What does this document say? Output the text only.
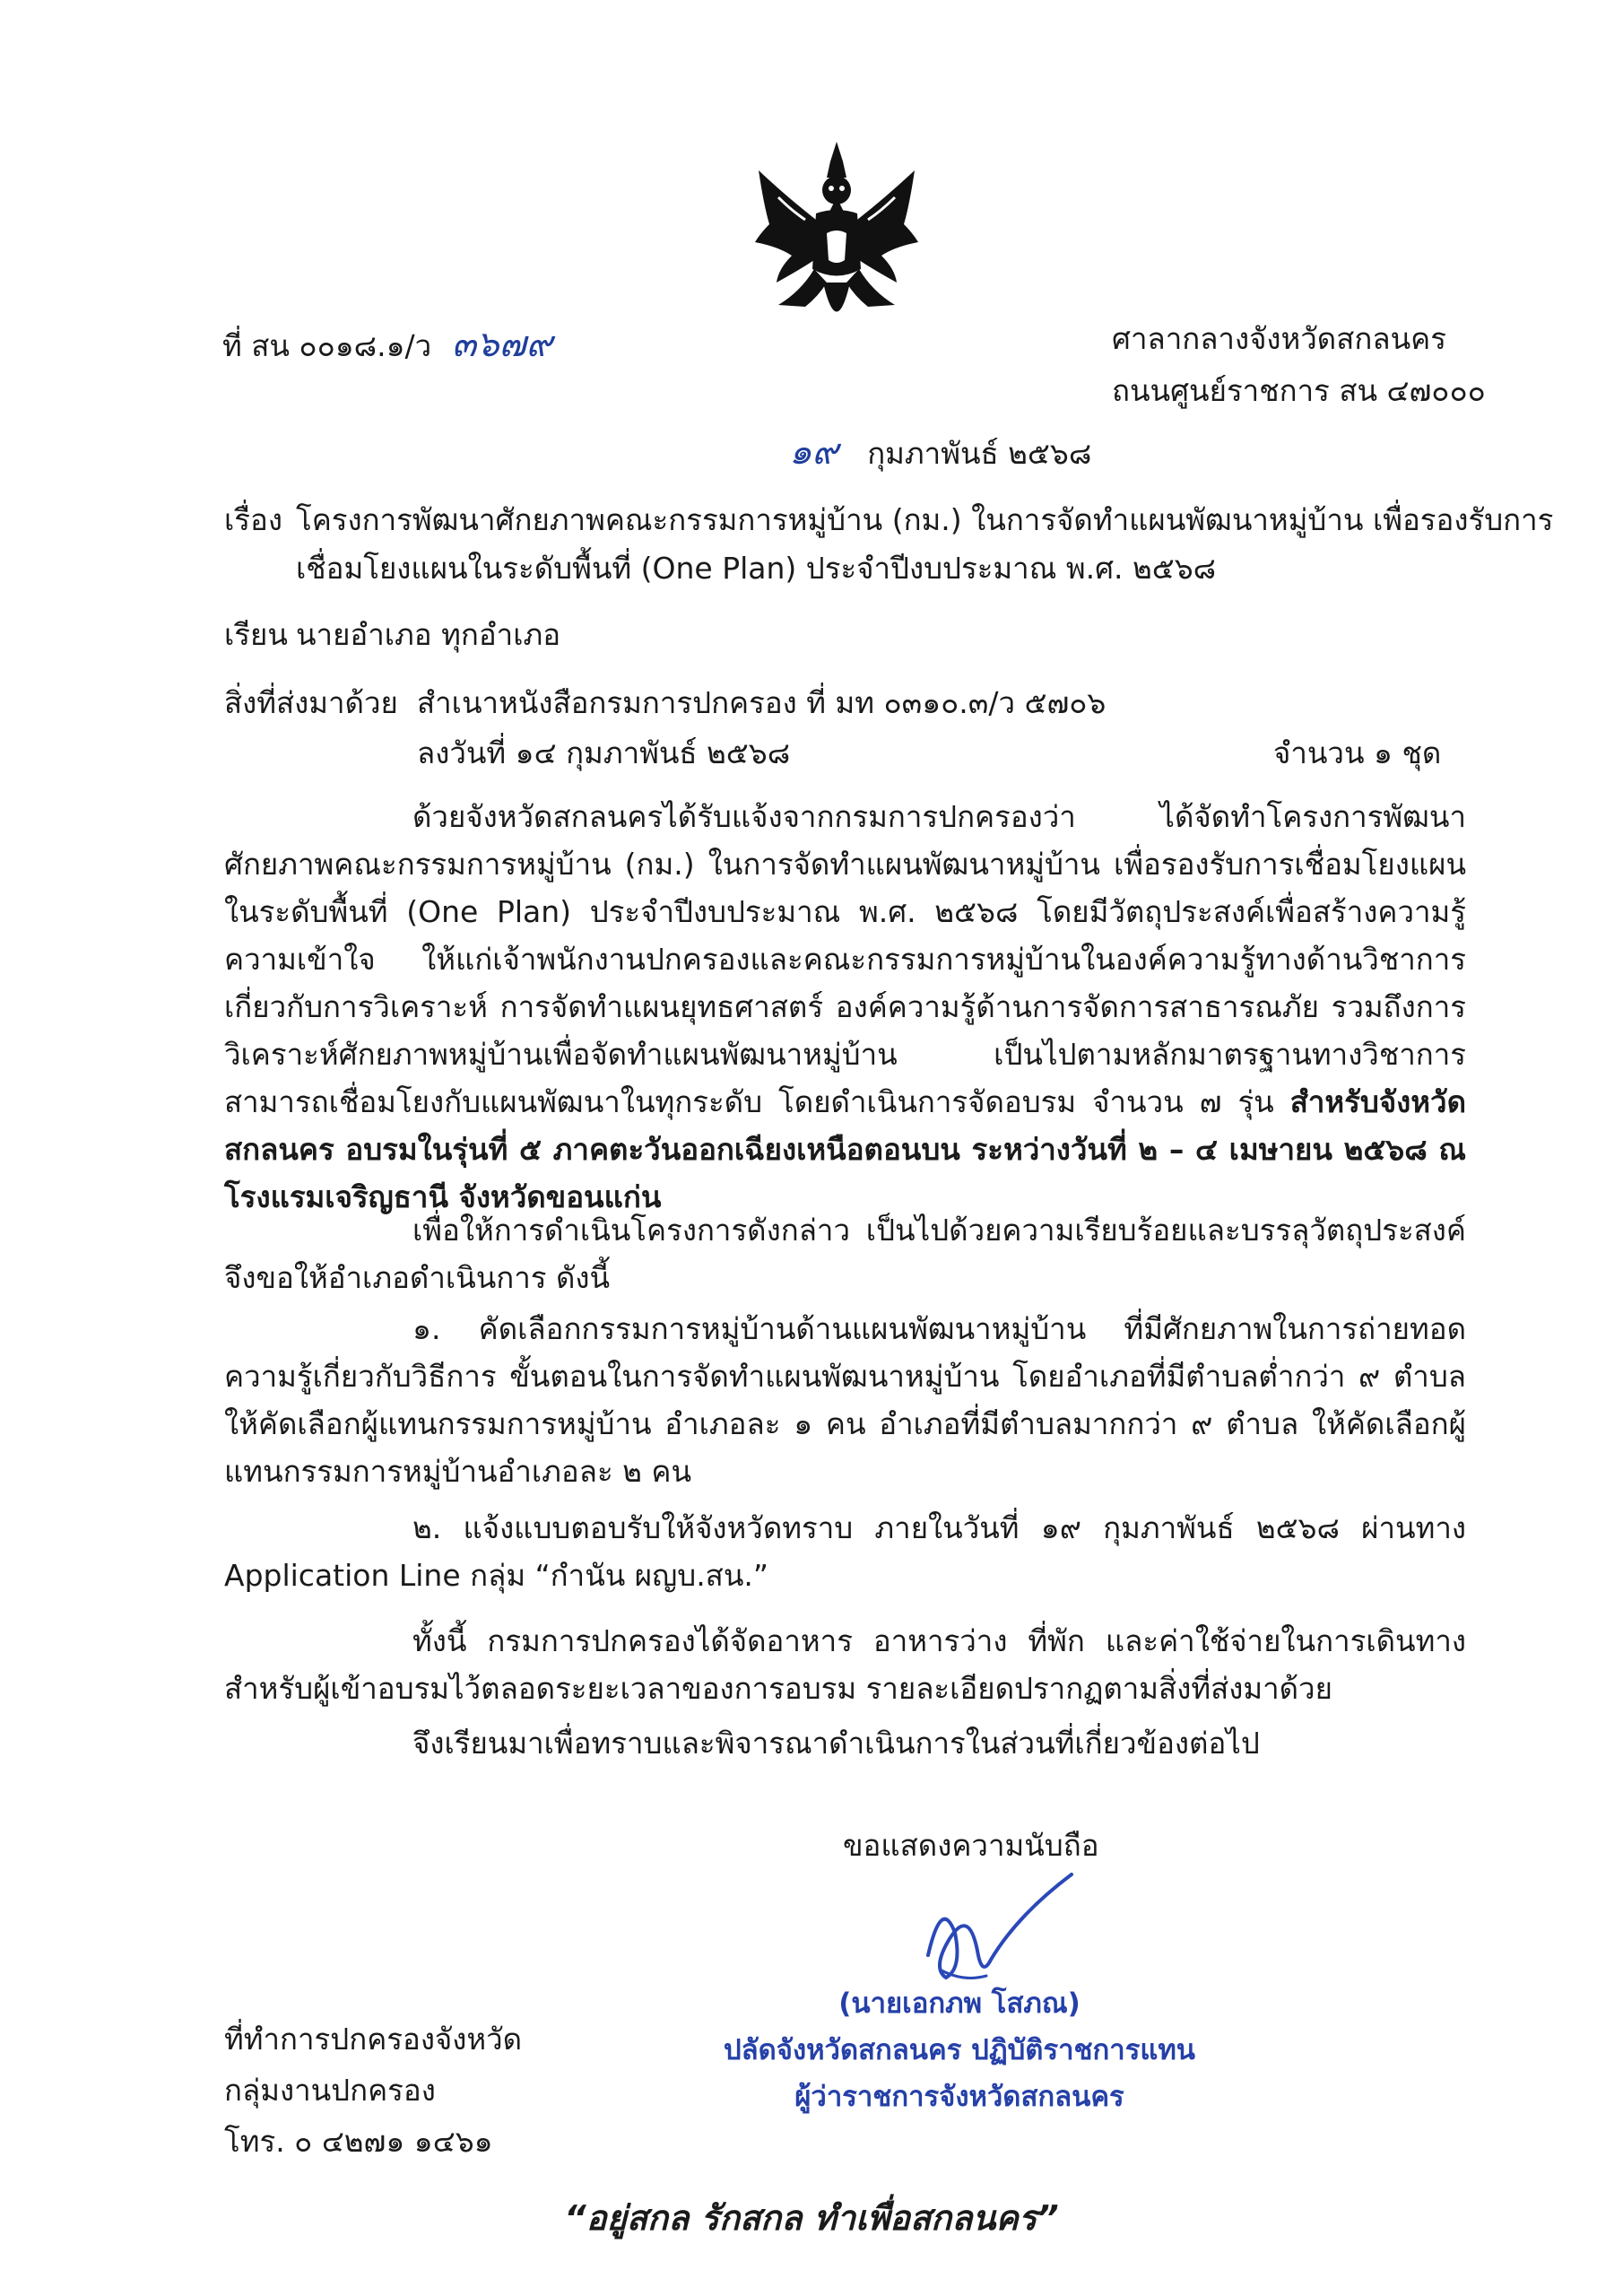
ที่ สน ๐๐๑๘.๑/ว ๓๖๗๙	ศาลากลางจังหวัดสกลนคร
ถนนศูนย์ราชการ สน ๔๗๐๐๐
๑๙ กุมภาพันธ์ ๒๕๖๘
เรื่อง โครงการพัฒนาศักยภาพคณะกรรมการหมู่บ้าน (กม.) ในการจัดทำแผนพัฒนาหมู่บ้าน เพื่อรองรับการ
เชื่อมโยงแผนในระดับพื้นที่ (One Plan) ประจำปีงบประมาณ พ.ศ. ๒๕๖๘
เรียน นายอำเภอ ทุกอำเภอ
สิ่งที่ส่งมาด้วย สำเนาหนังสือกรมการปกครอง ที่ มท ๐๓๑๐.๓/ว ๕๗๐๖
ลงวันที่ ๑๔ กุมภาพันธ์ ๒๕๖๘	จำนวน ๑ ชุด
ด้วยจังหวัดสกลนครได้รับแจ้งจากกรมการปกครองว่า ได้จัดทำโครงการพัฒนาศักยภาพคณะกรรมการหมู่บ้าน (กม.) ในการจัดทำแผนพัฒนาหมู่บ้าน เพื่อรองรับการเชื่อมโยงแผนในระดับพื้นที่ (One Plan) ประจำปีงบประมาณ พ.ศ. ๒๕๖๘ โดยมีวัตถุประสงค์เพื่อสร้างความรู้ ความเข้าใจ ให้แก่เจ้าพนักงานปกครองและคณะกรรมการหมู่บ้านในองค์ความรู้ทางด้านวิชาการเกี่ยวกับการวิเคราะห์ การจัดทำแผนยุทธศาสตร์ องค์ความรู้ด้านการจัดการสาธารณภัย รวมถึงการวิเคราะห์ศักยภาพหมู่บ้านเพื่อจัดทำแผนพัฒนาหมู่บ้าน เป็นไปตามหลักมาตรฐานทางวิชาการ สามารถเชื่อมโยงกับแผนพัฒนาในทุกระดับ โดยดำเนินการจัดอบรม จำนวน ๗ รุ่น สำหรับจังหวัดสกลนคร อบรมในรุ่นที่ ๕ ภาคตะวันออกเฉียงเหนือตอนบน ระหว่างวันที่ ๒ – ๔ เมษายน ๒๕๖๘ ณ โรงแรมเจริญธานี จังหวัดขอนแก่น
เพื่อให้การดำเนินโครงการดังกล่าว เป็นไปด้วยความเรียบร้อยและบรรลุวัตถุประสงค์ จึงขอให้อำเภอดำเนินการ ดังนี้
๑. คัดเลือกกรรมการหมู่บ้านด้านแผนพัฒนาหมู่บ้าน ที่มีศักยภาพในการถ่ายทอดความรู้เกี่ยวกับวิธีการ ขั้นตอนในการจัดทำแผนพัฒนาหมู่บ้าน โดยอำเภอที่มีตำบลต่ำกว่า ๙ ตำบล ให้คัดเลือกผู้แทนกรรมการหมู่บ้าน อำเภอละ ๑ คน อำเภอที่มีตำบลมากกว่า ๙ ตำบล ให้คัดเลือกผู้แทนกรรมการหมู่บ้านอำเภอละ ๒ คน
๒. แจ้งแบบตอบรับให้จังหวัดทราบ ภายในวันที่ ๑๙ กุมภาพันธ์ ๒๕๖๘ ผ่านทาง Application Line กลุ่ม “กำนัน ผญบ.สน.”
ทั้งนี้ กรมการปกครองได้จัดอาหาร อาหารว่าง ที่พัก และค่าใช้จ่ายในการเดินทางสำหรับผู้เข้าอบรมไว้ตลอดระยะเวลาของการอบรม รายละเอียดปรากฏตามสิ่งที่ส่งมาด้วย
จึงเรียนมาเพื่อทราบและพิจารณาดำเนินการในส่วนที่เกี่ยวข้องต่อไป
ขอแสดงความนับถือ
(นายเอกภพ โสภณ)
ปลัดจังหวัดสกลนคร ปฏิบัติราชการแทน
ผู้ว่าราชการจังหวัดสกลนคร
ที่ทำการปกครองจังหวัด
กลุ่มงานปกครอง
โทร. ๐ ๔๒๗๑ ๑๔๖๑
“อยู่สกล รักสกล ทำเพื่อสกลนคร”
